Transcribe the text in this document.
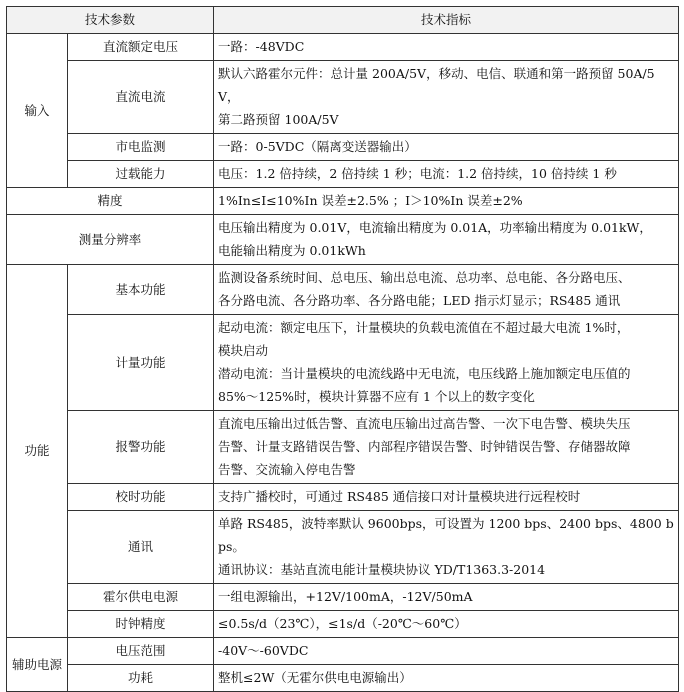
技术参数		技术指标
输入	直流额定电压	一路：-48VDC
	直流电流	默认六路霍尔元件：总计量 200A/5V，移动、电信、联通和第一路预留 50A/5V，
第二路预留 100A/5V

	市电监测	一路：0-5VDC（隔离变送器输出）
	过载能力	电压：1.2 倍持续，2 倍持续 1 秒；电流：1.2 倍持续，10 倍持续 1 秒
精度		1%In≤I≤10%In 误差±2.5% ；I＞10%In 误差±2%
测量分辨率		电压输出精度为 0.01V，电流输出精度为 0.01A，功率输出精度为 0.01kW，
电能输出精度为 0.01kWh

功能	基本功能	监测设备系统时间、总电压、输出总电流、总功率、总电能、各分路电压、
各分路电流、各分路功率、各分路电能；LED 指示灯显示；RS485 通讯

	计量功能	起动电流：额定电压下，计量模块的负载电流值在不超过最大电流 1%时，
模块启动
潜动电流：当计量模块的电流线路中无电流，电压线路上施加额定电压值的
85%～125%时，模块计算器不应有 1 个以上的数字变化

	报警功能	直流电压输出过低告警、直流电压输出过高告警、一次下电告警、模块失压
告警、计量支路错误告警、内部程序错误告警、时钟错误告警、存储器故障
告警、交流输入停电告警

	校时功能	支持广播校时，可通过 RS485 通信接口对计量模块进行远程校时
	通讯	单路 RS485，波特率默认 9600bps，可设置为 1200 bps、2400 bps、4800 bps。
通讯协议：基站直流电能计量模块协议 YD/T1363.3-2014

	霍尔供电电源	一组电源输出，+12V/100mA，-12V/50mA
	时钟精度	≤0.5s/d（23℃），≤1s/d（-20℃～60℃）
辅助电源	电压范围	-40V～-60VDC
	功耗	整机≤2W（无霍尔供电电源输出）
